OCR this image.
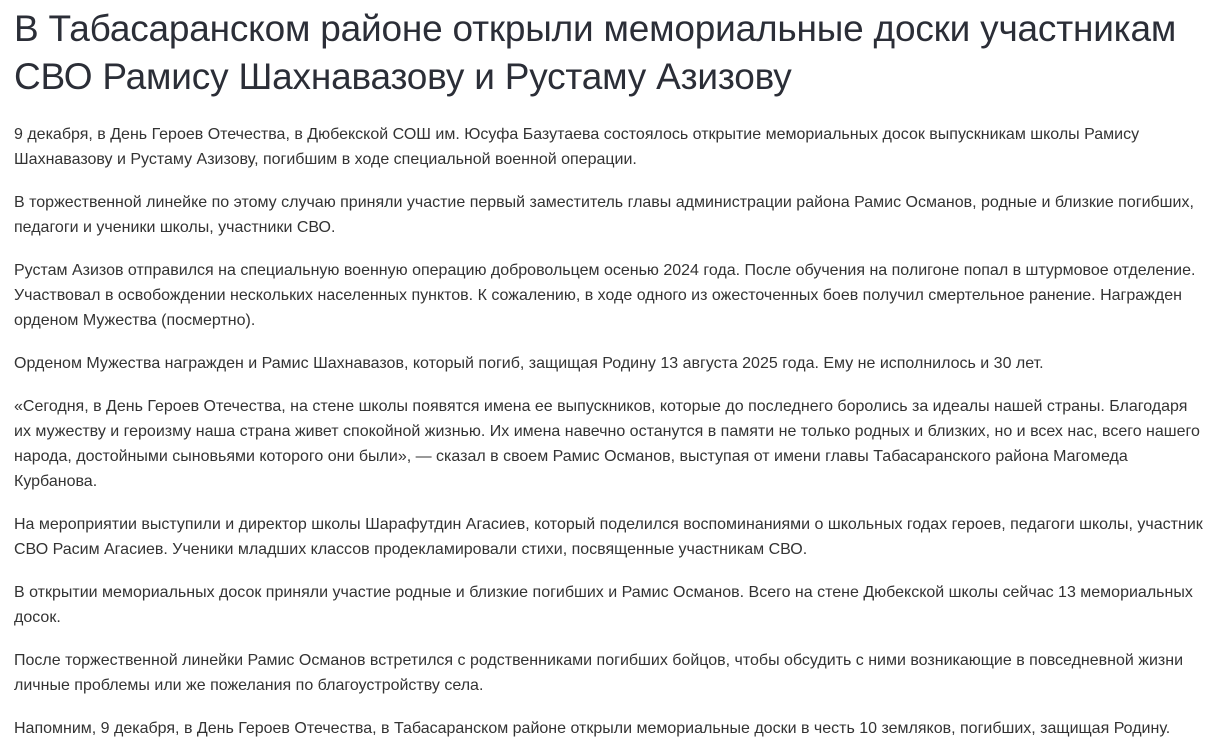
В Табасаранском районе открыли мемориальные доски участникам СВО Рамису Шахнавазову и Рустаму Азизову

9 декабря, в День Героев Отечества, в Дюбекской СОШ им. Юсуфа Базутаева состоялось открытие мемориальных досок выпускникам школы Рамису Шахнавазову и Рустаму Азизову, погибшим в ходе специальной военной операции.

В торжественной линейке по этому случаю приняли участие первый заместитель главы администрации района Рамис Османов, родные и близкие погибших, педагоги и ученики школы, участники СВО.

Рустам Азизов отправился на специальную военную операцию добровольцем осенью 2024 года. После обучения на полигоне попал в штурмовое отделение. Участвовал в освобождении нескольких населенных пунктов. К сожалению, в ходе одного из ожесточенных боев получил смертельное ранение. Награжден орденом Мужества (посмертно).

Орденом Мужества награжден и Рамис Шахнавазов, который погиб, защищая Родину 13 августа 2025 года. Ему не исполнилось и 30 лет.

«Сегодня, в День Героев Отечества, на стене школы появятся имена ее выпускников, которые до последнего боролись за идеалы нашей страны. Благодаря их мужеству и героизму наша страна живет спокойной жизнью. Их имена навечно останутся в памяти не только родных и близких, но и всех нас, всего нашего народа, достойными сыновьями которого они были», — сказал в своем Рамис Османов, выступая от имени главы Табасаранского района Магомеда Курбанова.

На мероприятии выступили и директор школы Шарафутдин Агасиев, который поделился воспоминаниями о школьных годах героев, педагоги школы, участник СВО Расим Агасиев. Ученики младших классов продекламировали стихи, посвященные участникам СВО.

В открытии мемориальных досок приняли участие родные и близкие погибших и Рамис Османов. Всего на стене Дюбекской школы сейчас 13 мемориальных досок.

После торжественной линейки Рамис Османов встретился с родственниками погибших бойцов, чтобы обсудить с ними возникающие в повседневной жизни личные проблемы или же пожелания по благоустройству села.

Напомним, 9 декабря, в День Героев Отечества, в Табасаранском районе открыли мемориальные доски в честь 10 земляков, погибших, защищая Родину.
